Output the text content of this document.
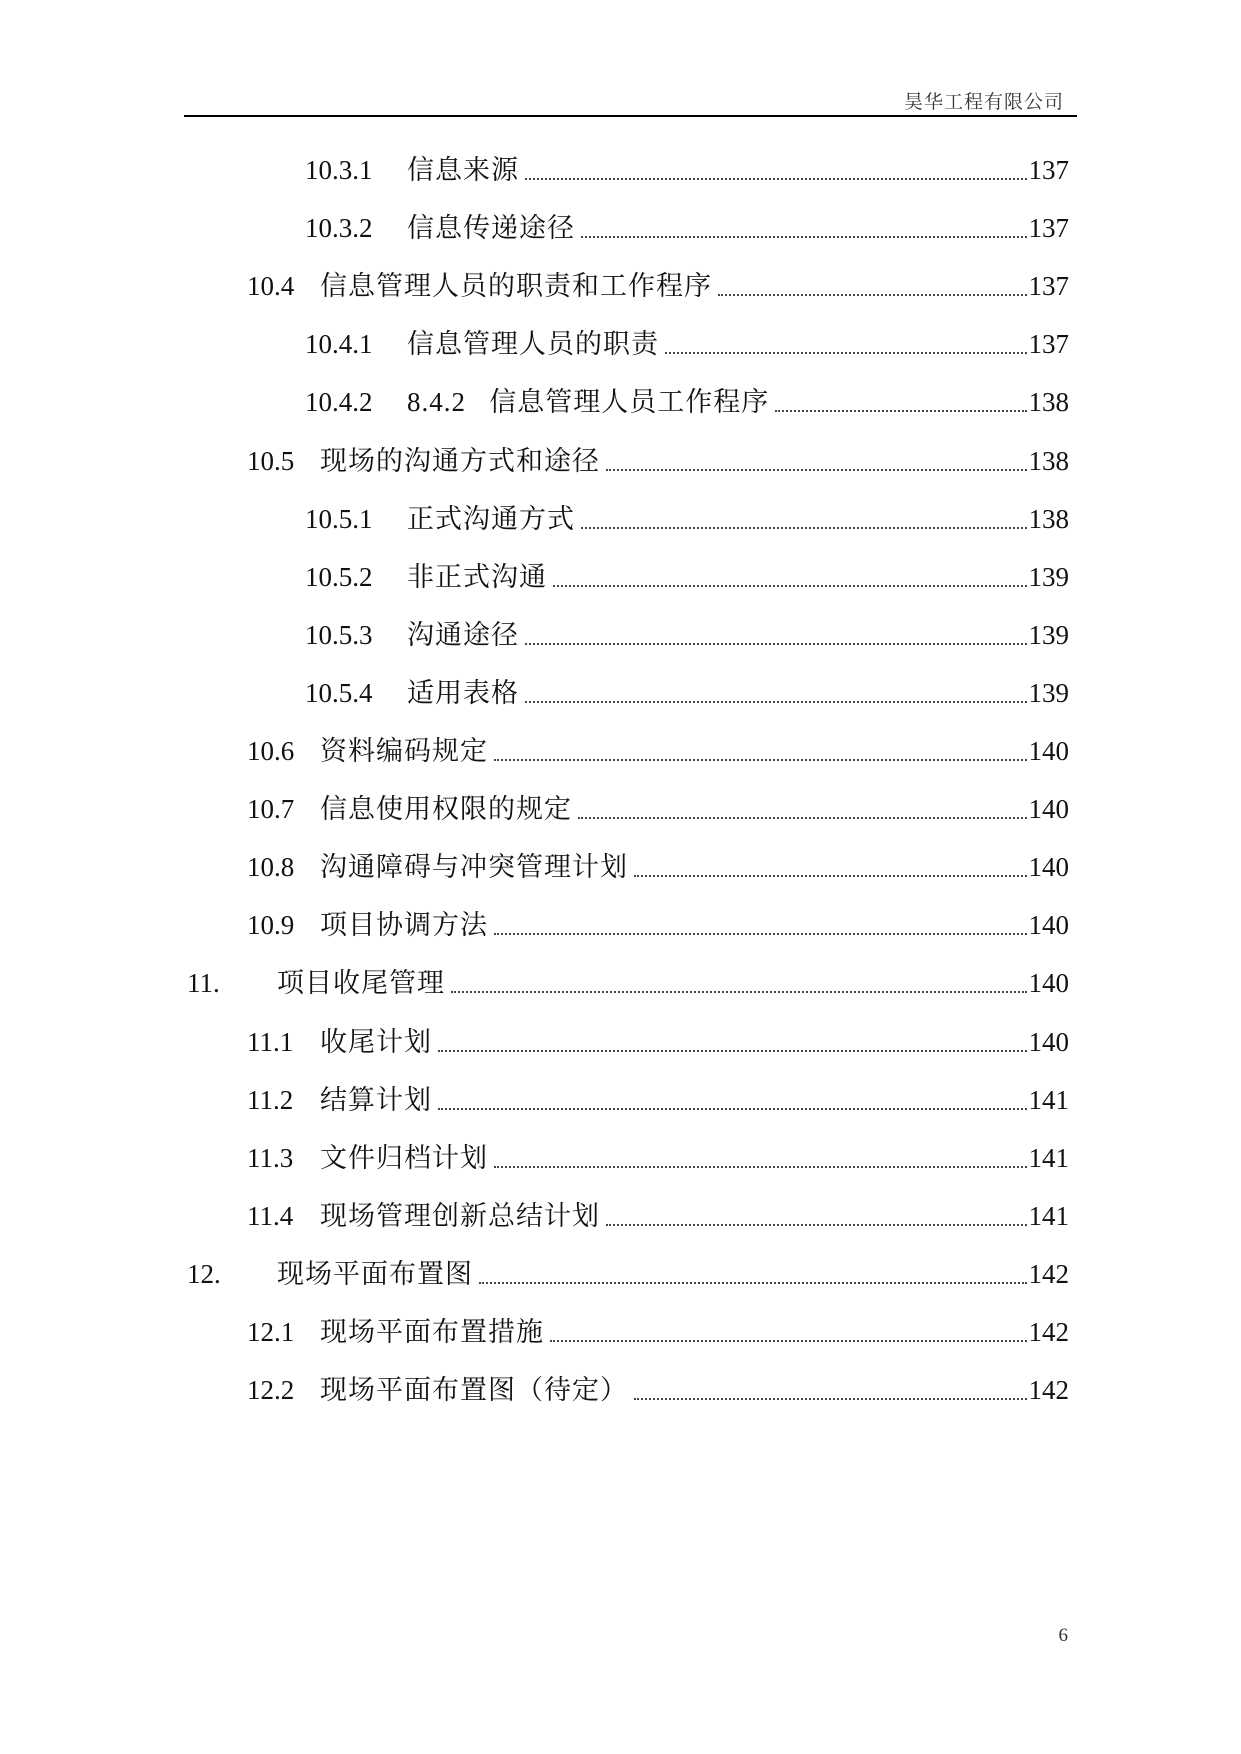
昊华工程有限公司
10.3.1	信息来源	137
10.3.2	信息传递途径	137
10.4 信息管理人员的职责和工作程序	137
10.4.1	信息管理人员的职责	137
10.4.2	8.4.2   信息管理人员工作程序	138
10.5 现场的沟通方式和途径	138
10.5.1	正式沟通方式	138
10.5.2	非正式沟通	139
10.5.3	沟通途径	139
10.5.4	适用表格	139
10.6 资料编码规定	140
10.7 信息使用权限的规定	140
10.8 沟通障碍与冲突管理计划	140
10.9 项目协调方法	140
11.	项目收尾管理	140
11.1 收尾计划	140
11.2 结算计划	141
11.3 文件归档计划	141
11.4 现场管理创新总结计划	141
12.	现场平面布置图	142
12.1 现场平面布置措施	142
12.2 现场平面布置图（待定）	142
6
